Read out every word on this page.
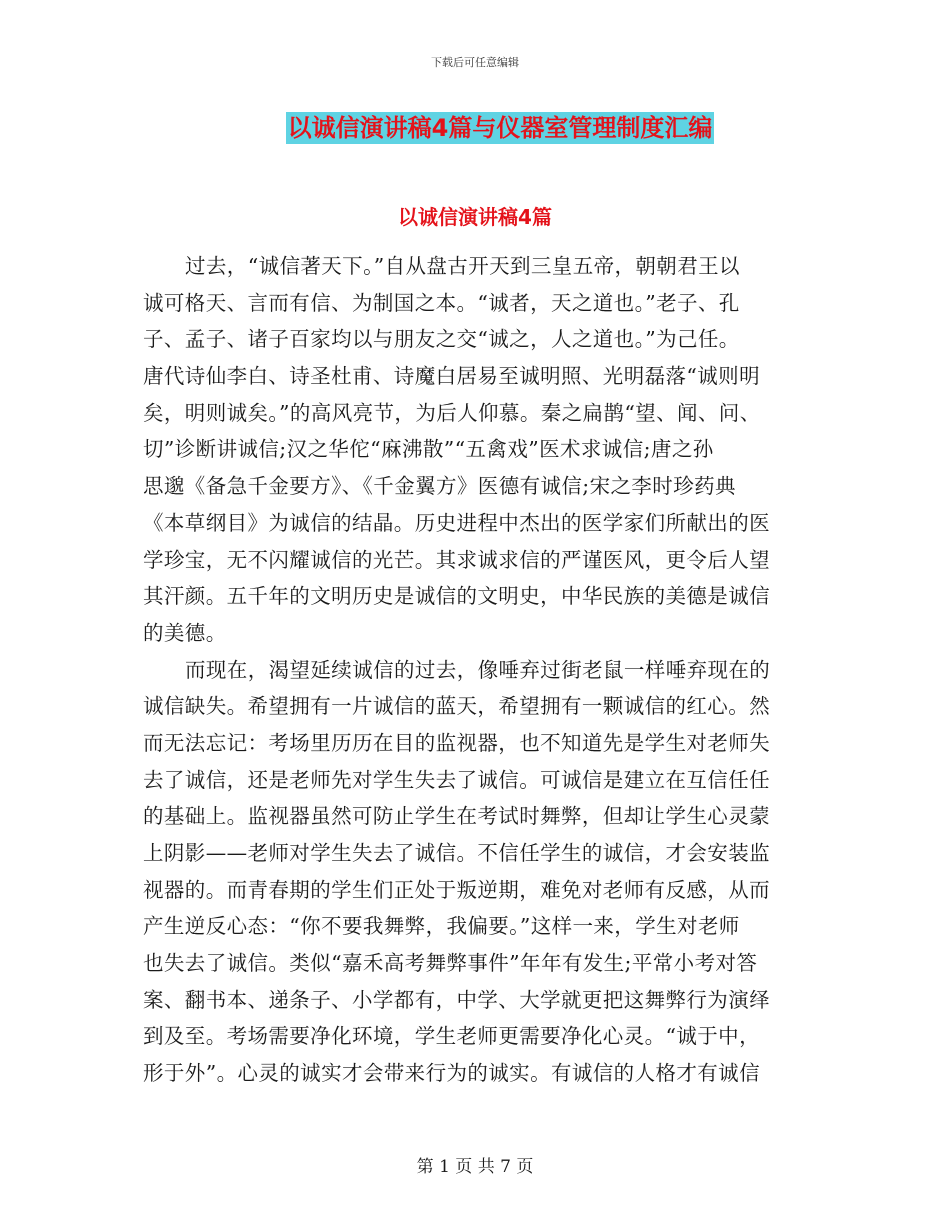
下载后可任意编辑
以诚信演讲稿4篇与仪器室管理制度汇编
以诚信演讲稿4篇
过去，“诚信著天下。”自从盘古开天到三皇五帝，朝朝君王以
诚可格天、言而有信、为制国之本。“诚者，天之道也。”老子、孔
子、孟子、诸子百家均以与朋友之交“诚之，人之道也。”为己任。
唐代诗仙李白、诗圣杜甫、诗魔白居易至诚明照、光明磊落“诚则明
矣，明则诚矣。”的高风亮节，为后人仰慕。秦之扁鹊“望、闻、问、
切”诊断讲诚信;汉之华佗“麻沸散”“五禽戏”医术求诚信;唐之孙
思邈《备急千金要方》、《千金翼方》医德有诚信;宋之李时珍药典
《本草纲目》为诚信的结晶。历史进程中杰出的医学家们所献出的医
学珍宝，无不闪耀诚信的光芒。其求诚求信的严谨医风，更令后人望
其汗颜。五千年的文明历史是诚信的文明史，中华民族的美德是诚信
的美德。
而现在，渴望延续诚信的过去，像唾弃过街老鼠一样唾弃现在的
诚信缺失。希望拥有一片诚信的蓝天，希望拥有一颗诚信的红心。然
而无法忘记：考场里历历在目的监视器，也不知道先是学生对老师失
去了诚信，还是老师先对学生失去了诚信。可诚信是建立在互信任任
的基础上。监视器虽然可防止学生在考试时舞弊，但却让学生心灵蒙
上阴影——老师对学生失去了诚信。不信任学生的诚信，才会安装监
视器的。而青春期的学生们正处于叛逆期，难免对老师有反感，从而
产生逆反心态：“你不要我舞弊，我偏要。”这样一来，学生对老师
也失去了诚信。类似“嘉禾高考舞弊事件”年年有发生;平常小考对答
案、翻书本、递条子、小学都有，中学、大学就更把这舞弊行为演绎
到及至。考场需要净化环境，学生老师更需要净化心灵。“诚于中，
形于外”。心灵的诚实才会带来行为的诚实。有诚信的人格才有诚信
第 1 页 共 7 页
